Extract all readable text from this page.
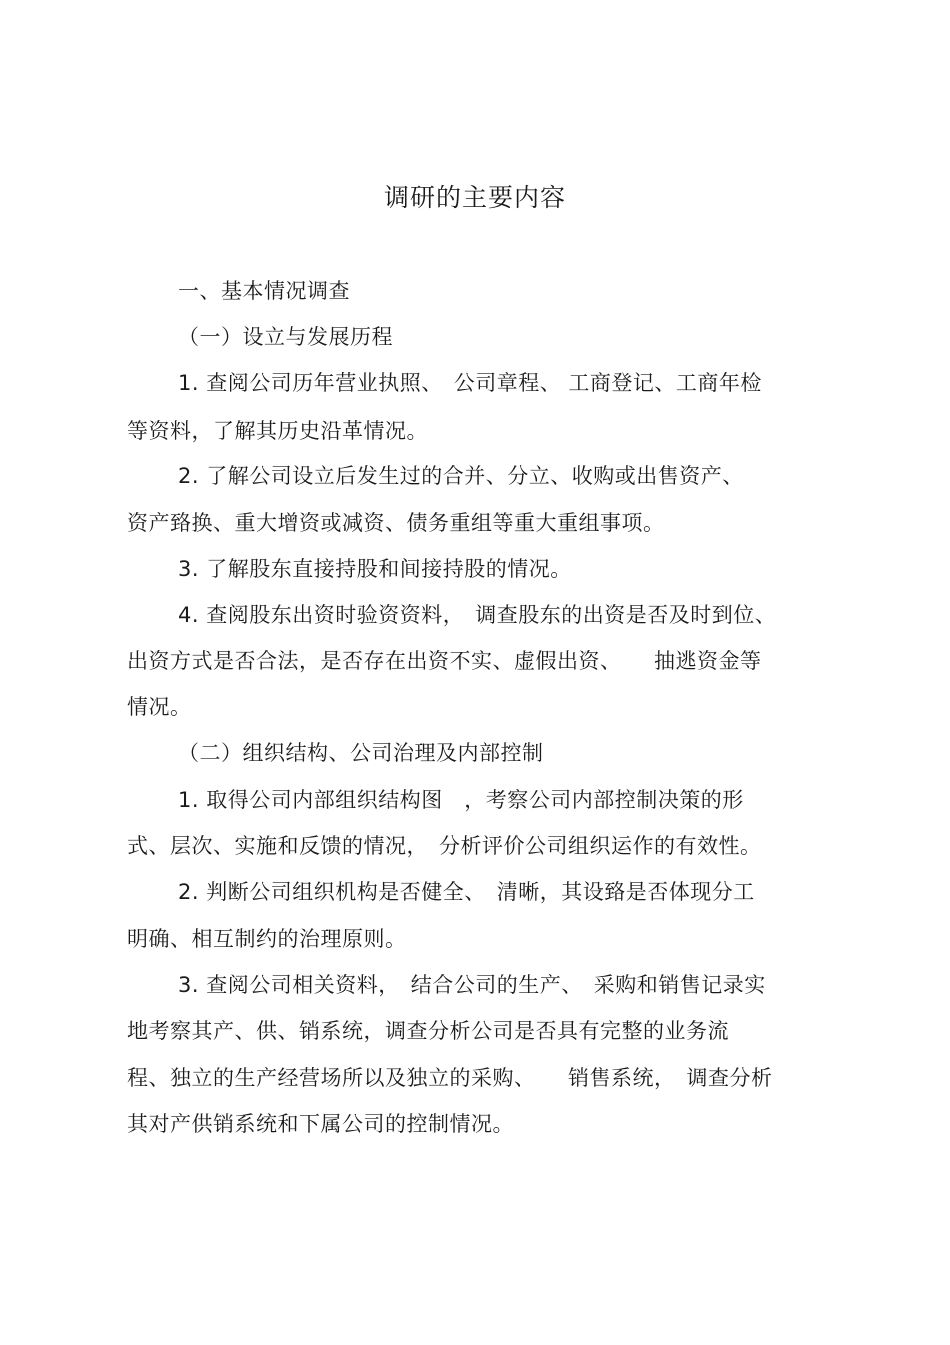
调研的主要内容
一、基本情况调查
（一）设立与发展历程
1. 查阅公司历年营业执照、　公司章程、 工商登记、工商年检
等资料，了解其历史沿革情况。
2. 了解公司设立后发生过的合并、分立、收购或出售资产、
资产臵换、重大增资或减资、债务重组等重大重组事项。
3. 了解股东直接持股和间接持股的情况。
4. 查阅股东出资时验资资料，　调查股东的出资是否及时到位、
出资方式是否合法，是否存在出资不实、虚假出资、　　抽逃资金等
情况。
（二）组织结构、公司治理及内部控制
1. 取得公司内部组织结构图　，考察公司内部控制决策的形
式、层次、实施和反馈的情况，　分析评价公司组织运作的有效性。
2. 判断公司组织机构是否健全、　清晰，其设臵是否体现分工
明确、相互制约的治理原则。
3. 查阅公司相关资料，　结合公司的生产、　采购和销售记录实
地考察其产、供、销系统，调查分析公司是否具有完整的业务流
程、独立的生产经营场所以及独立的采购、　　销售系统，　调查分析
其对产供销系统和下属公司的控制情况。
